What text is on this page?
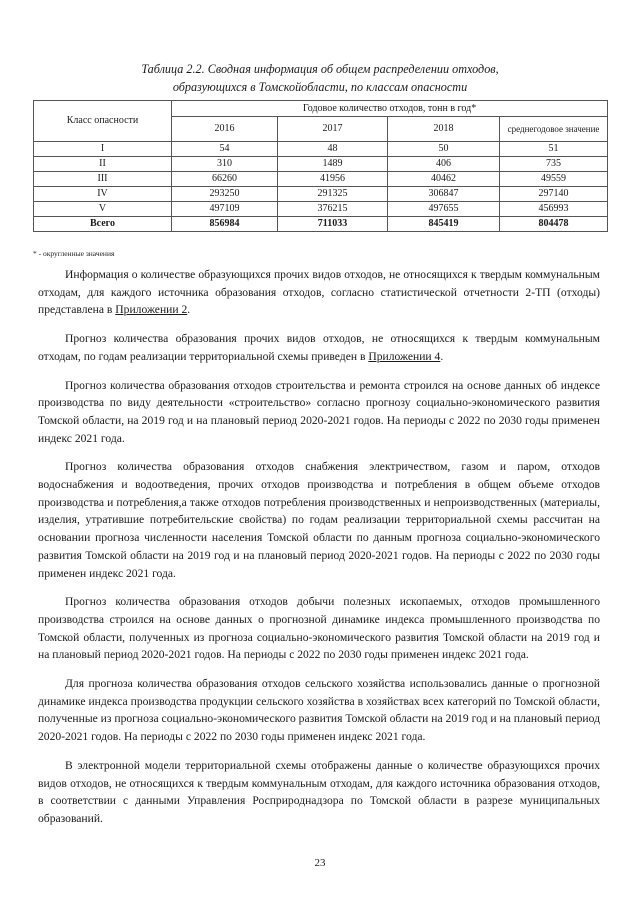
Таблица 2.2. Сводная информация об общем распределении отходов,
образующихся в Томскойобласти, по классам опасности
Класс опасности	Годовое количество отходов, тонн в год*			
	2016	2017	2018	среднегодовое значение
I	54	48	50	51
II	310	1489	406	735
III	66260	41956	40462	49559
IV	293250	291325	306847	297140
V	497109	376215	497655	456993
Всего	856984	711033	845419	804478
* - округленные значения

Информация о количестве образующихся прочих видов отходов, не относящихся к твердым коммунальным отходам, для каждого источника образования отходов, согласно статистической отчетности 2-ТП (отходы) представлена в Приложении 2.

Прогноз количества образования прочих видов отходов, не относящихся к твердым коммунальным отходам, по годам реализации территориальной схемы приведен в Приложении 4.

Прогноз количества образования отходов строительства и ремонта строился на основе данных об индексе производства по виду деятельности «строительство» согласно прогнозу социально-экономического развития Томской области, на 2019 год и на плановый период 2020-2021 годов. На периоды с 2022 по 2030 годы применен индекс 2021 года.

Прогноз количества образования отходов снабжения электричеством, газом и паром, отходов водоснабжения и водоотведения, прочих отходов производства и потребления в общем объеме отходов производства и потребления,а также отходов потребления производственных и непроизводственных (материалы, изделия, утратившие потребительские свойства) по годам реализации территориальной схемы рассчитан на основании прогноза численности населения Томской области по данным прогноза социально-экономического развития Томской области на 2019 год и на плановый период 2020-2021 годов. На периоды с 2022 по 2030 годы применен индекс 2021 года.

Прогноз количества образования отходов добычи полезных ископаемых, отходов промышленного производства строился на основе данных о прогнозной динамике индекса промышленного производства по Томской области, полученных из прогноза социально-экономического развития Томской области на 2019 год и на плановый период 2020-2021 годов. На периоды с 2022 по 2030 годы применен индекс 2021 года.

Для прогноза количества образования отходов сельского хозяйства использовались данные о прогнозной динамике индекса производства продукции сельского хозяйства в хозяйствах всех категорий по Томской области, полученные из прогноза социально-экономического развития Томской области на 2019 год и на плановый период 2020-2021 годов. На периоды с 2022 по 2030 годы применен индекс 2021 года.

В электронной модели территориальной схемы отображены данные о количестве образующихся прочих видов отходов, не относящихся к твердым коммунальным отходам, для каждого источника образования отходов, в соответствии с данными Управления Росприроднадзора по Томской области в разрезе муниципальных образований.

23
